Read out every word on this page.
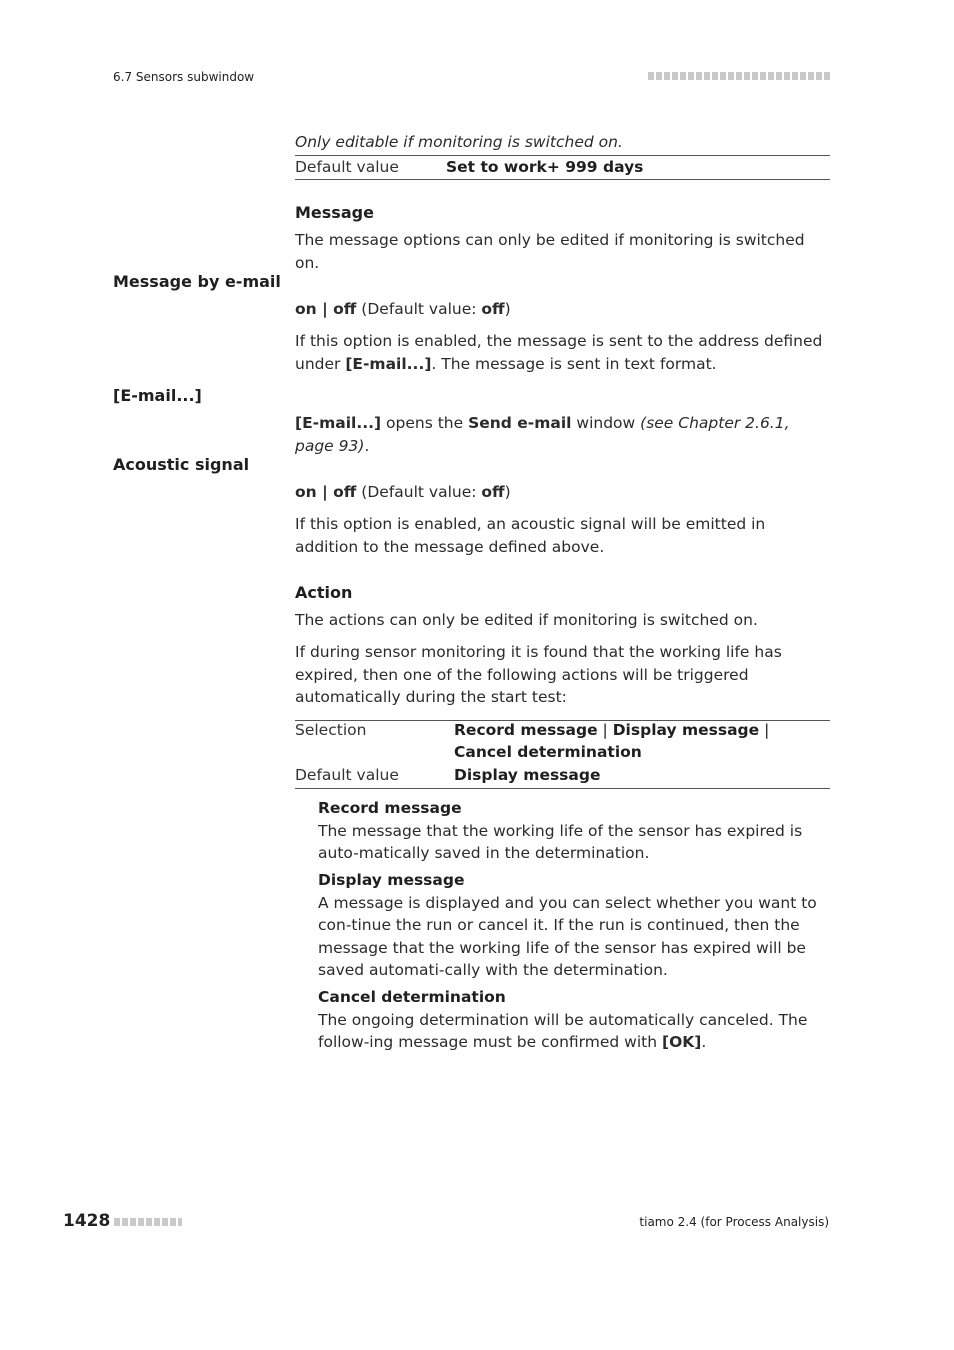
6.7 Sensors subwindow
Only editable if monitoring is switched on.
Default value	Set to work+ 999 days
Message
The message options can only be edited if monitoring is switched on.
Message by e-mail
on | off (Default value: off)
If this option is enabled, the message is sent to the address defined under [E-mail...]. The message is sent in text format.
[E-mail...]
[E-mail...] opens the Send e-mail window (see Chapter 2.6.1, page 93).
Acoustic signal
on | off (Default value: off)
If this option is enabled, an acoustic signal will be emitted in addition to the message defined above.
Action
The actions can only be edited if monitoring is switched on.
If during sensor monitoring it is found that the working life has expired, then one of the following actions will be triggered automatically during the start test:
Selection	Record message | Display message | Cancel determination
Default value	Display message
Record message
The message that the working life of the sensor has expired is auto-matically saved in the determination.
Display message
A message is displayed and you can select whether you want to con-tinue the run or cancel it. If the run is continued, then the message that the working life of the sensor has expired will be saved automati-cally with the determination.
Cancel determination
The ongoing determination will be automatically canceled. The follow-ing message must be confirmed with [OK].
1428	tiamo 2.4 (for Process Analysis)
